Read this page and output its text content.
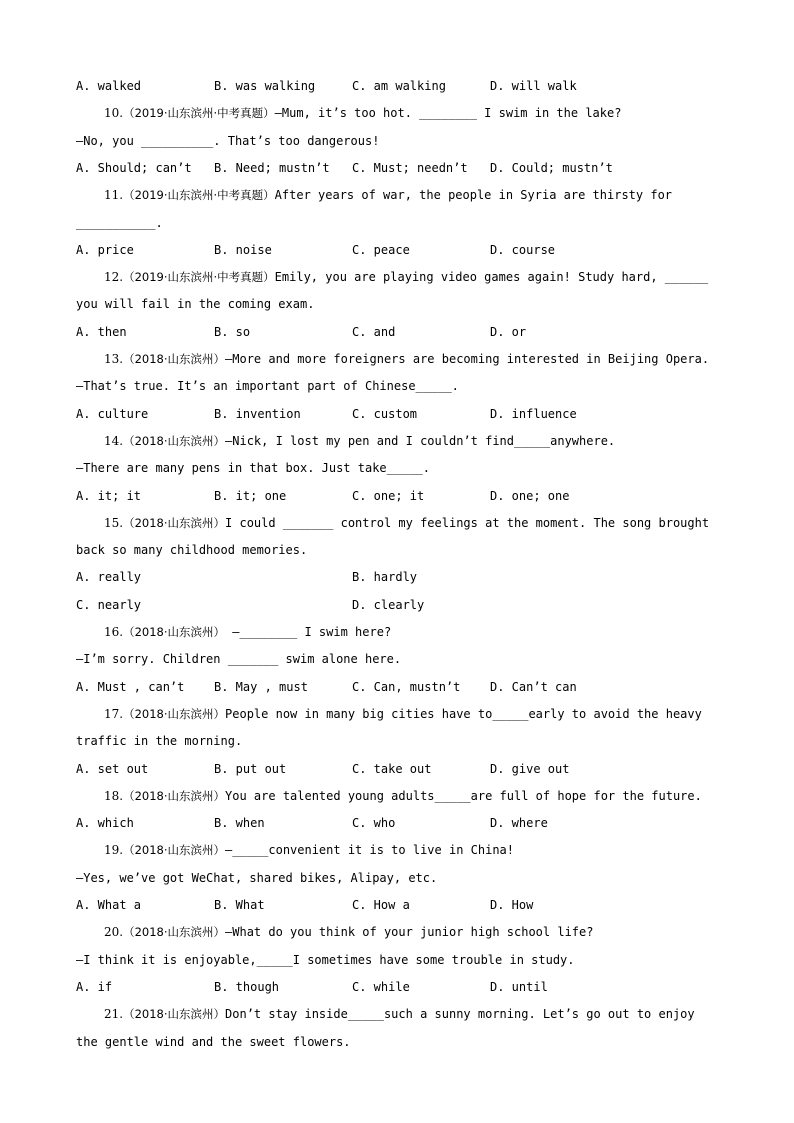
A. walked	B. was walking	C. am walking	D. will walk
10.（2019·山东滨州·中考真题）—Mum, it’s too hot. ________ I swim in the lake?
—No, you __________. That’s too dangerous!
A. Should; can’t B. Need; mustn’t C. Must; needn’t D. Could; mustn’t
11.（2019·山东滨州·中考真题）After years of war, the people in Syria are thirsty for
___________.
A. price	B. noise	C. peace	D. course
12.（2019·山东滨州·中考真题）Emily, you are playing video games again! Study hard, ______
you will fail in the coming exam.
A. then	B. so	C. and	D. or
13.（2018·山东滨州）—More and more foreigners are becoming interested in Beijing Opera.
—That’s true. It’s an important part of Chinese_____.
A. culture	B. invention	C. custom	D. influence
14.（2018·山东滨州）—Nick, I lost my pen and I couldn’t find_____anywhere.
—There are many pens in that box. Just take_____.
A. it; it	B. it; one	C. one; it	D. one; one
15.（2018·山东滨州）I could _______ control my feelings at the moment. The song brought
back so many childhood memories.
A. really	B. hardly
C. nearly	D. clearly
16.（2018·山东滨州） —________ I swim here?
—I’m sorry. Children _______ swim alone here.
A. Must , can’t B. May , must	C. Can, mustn’t D. Can’t can
17.（2018·山东滨州）People now in many big cities have to_____early to avoid the heavy
traffic in the morning.
A. set out	B. put out	C. take out	D. give out
18.（2018·山东滨州）You are talented young adults_____are full of hope for the future.
A. which	B. when	C. who	D. where
19.（2018·山东滨州）—_____convenient it is to live in China!
—Yes, we’ve got WeChat, shared bikes, Alipay, etc.
A. What a	B. What	C. How a	D. How
20.（2018·山东滨州）—What do you think of your junior high school life?
—I think it is enjoyable,_____I sometimes have some trouble in study.
A. if	B. though	C. while	D. until
21.（2018·山东滨州）Don’t stay inside_____such a sunny morning. Let’s go out to enjoy
the gentle wind and the sweet flowers.
